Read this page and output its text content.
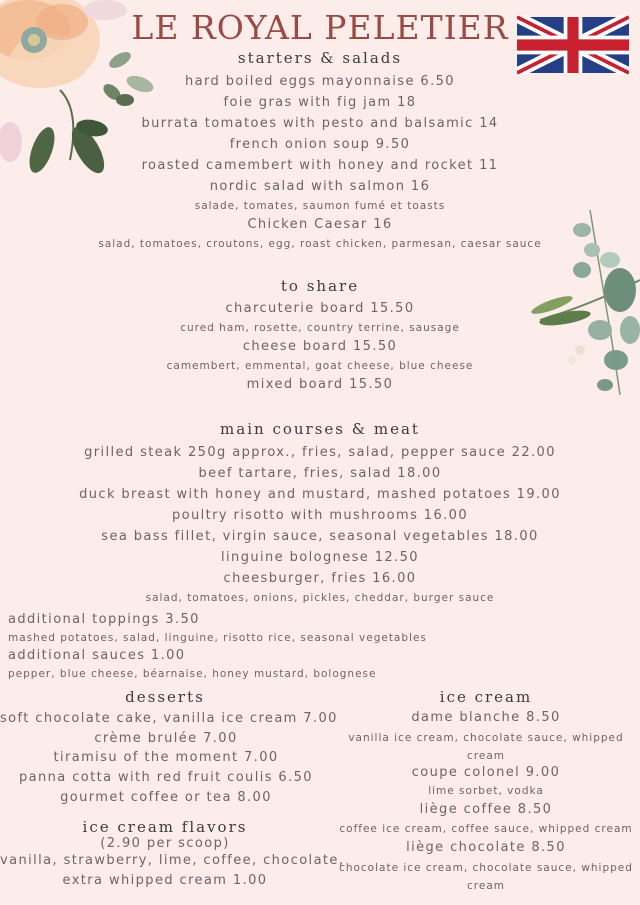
LE ROYAL PELETIER
starters & salads
hard boiled eggs mayonnaise 6.50
foie gras with fig jam 18
burrata tomatoes with pesto and balsamic 14
french onion soup 9.50
roasted camembert with honey and rocket 11
nordic salad with salmon 16
salade, tomates, saumon fumé et toasts
Chicken Caesar 16
salad, tomatoes, croutons, egg, roast chicken, parmesan, caesar sauce
to share
charcuterie board 15.50
cured ham, rosette, country terrine, sausage
cheese board 15.50
camembert, emmental, goat cheese, blue cheese
mixed board 15.50
main courses & meat
grilled steak 250g approx., fries, salad, pepper sauce 22.00
beef tartare, fries, salad 18.00
duck breast with honey and mustard, mashed potatoes 19.00
poultry risotto with mushrooms 16.00
sea bass fillet, virgin sauce, seasonal vegetables 18.00
linguine bolognese 12.50
cheesburger, fries 16.00
salad, tomatoes, onions, pickles, cheddar, burger sauce
additional toppings 3.50
mashed potatoes, salad, linguine, risotto rice, seasonal vegetables
additional sauces 1.00
pepper, blue cheese, béarnaise, honey mustard, bolognese
desserts
soft chocolate cake, vanilla ice cream 7.00
crème brulée 7.00
tiramisu of the moment 7.00
panna cotta with red fruit coulis 6.50
gourmet coffee or tea 8.00
ice cream flavors
(2.90 per scoop)
vanilla, strawberry, lime, coffee, chocolate,
extra whipped cream 1.00
ice cream
dame blanche 8.50
vanilla ice cream, chocolate sauce, whipped cream
coupe colonel 9.00
lime sorbet, vodka
liège coffee 8.50
coffee ice cream, coffee sauce, whipped cream
liège chocolate 8.50
chocolate ice cream, chocolate sauce, whipped cream
